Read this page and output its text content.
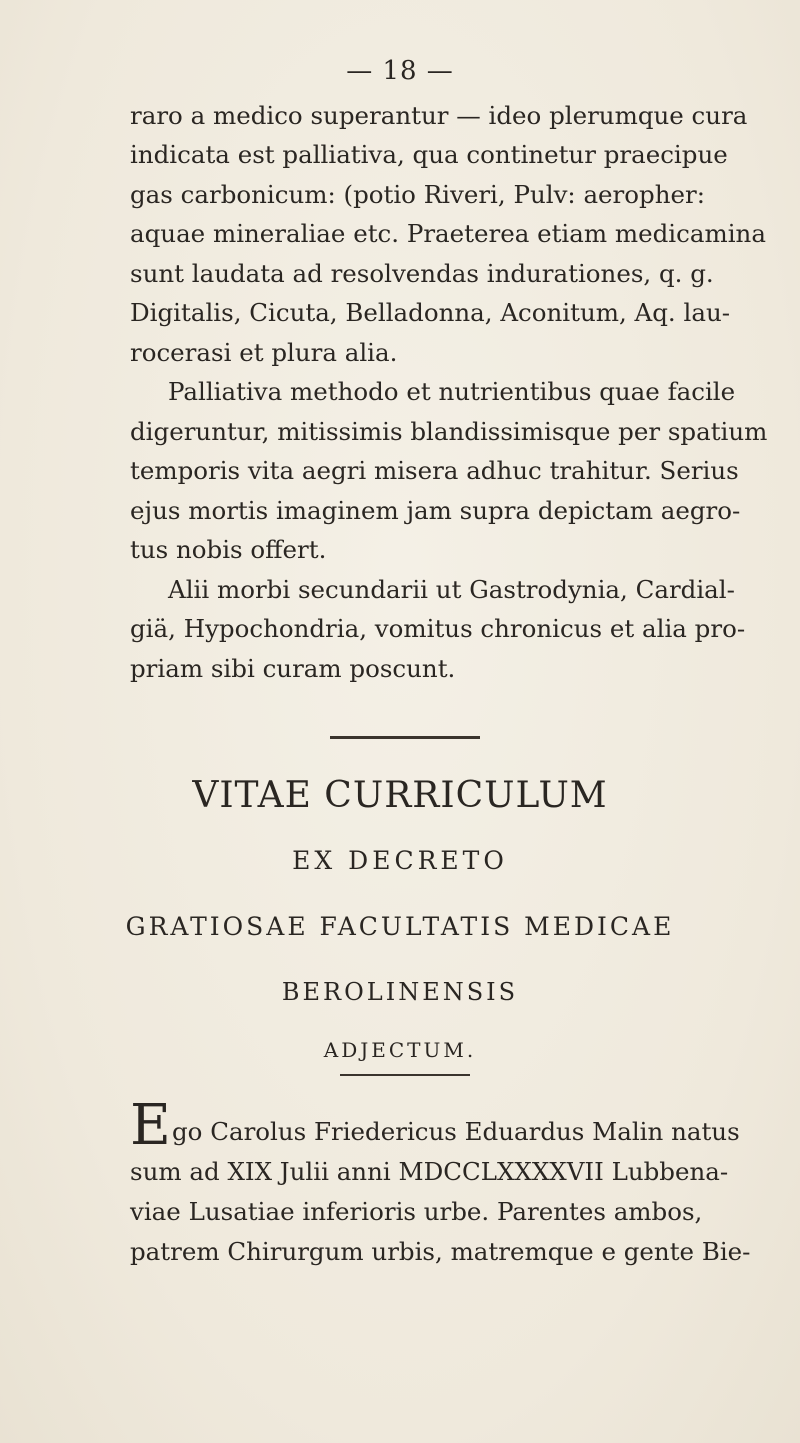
— 18 —
raro a medico superantur — ideo plerumque cura
indicata est palliativa, qua continetur praecipue
gas carbonicum: (potio Riveri, Pulv: aeropher:
aquae mineraliae etc. Praeterea etiam medicamina
sunt laudata ad resolvendas indurationes, q. g.
Digitalis, Cicuta, Belladonna, Aconitum, Aq. lau-
rocerasi et plura alia.
Palliativa methodo et nutrientibus quae facile
digeruntur, mitissimis blandissimisque per spatium
temporis vita aegri misera adhuc trahitur. Serius
ejus mortis imaginem jam supra depictam aegro-
tus nobis offert.
Alii morbi secundarii ut Gastrodynia, Cardial-
giä, Hypochondria, vomitus chronicus et alia pro-
priam sibi curam poscunt.
VITAE CURRICULUM
EX DECRETO
GRATIOSAE FACULTATIS MEDICAE
BEROLINENSIS
ADJECTUM.
E go Carolus Friedericus Eduardus Malin natus
sum ad XIX Julii anni MDCCLXXXXVII Lubbena-
viae Lusatiae inferioris urbe. Parentes ambos,
patrem Chirurgum urbis, matremque e gente Bie-
